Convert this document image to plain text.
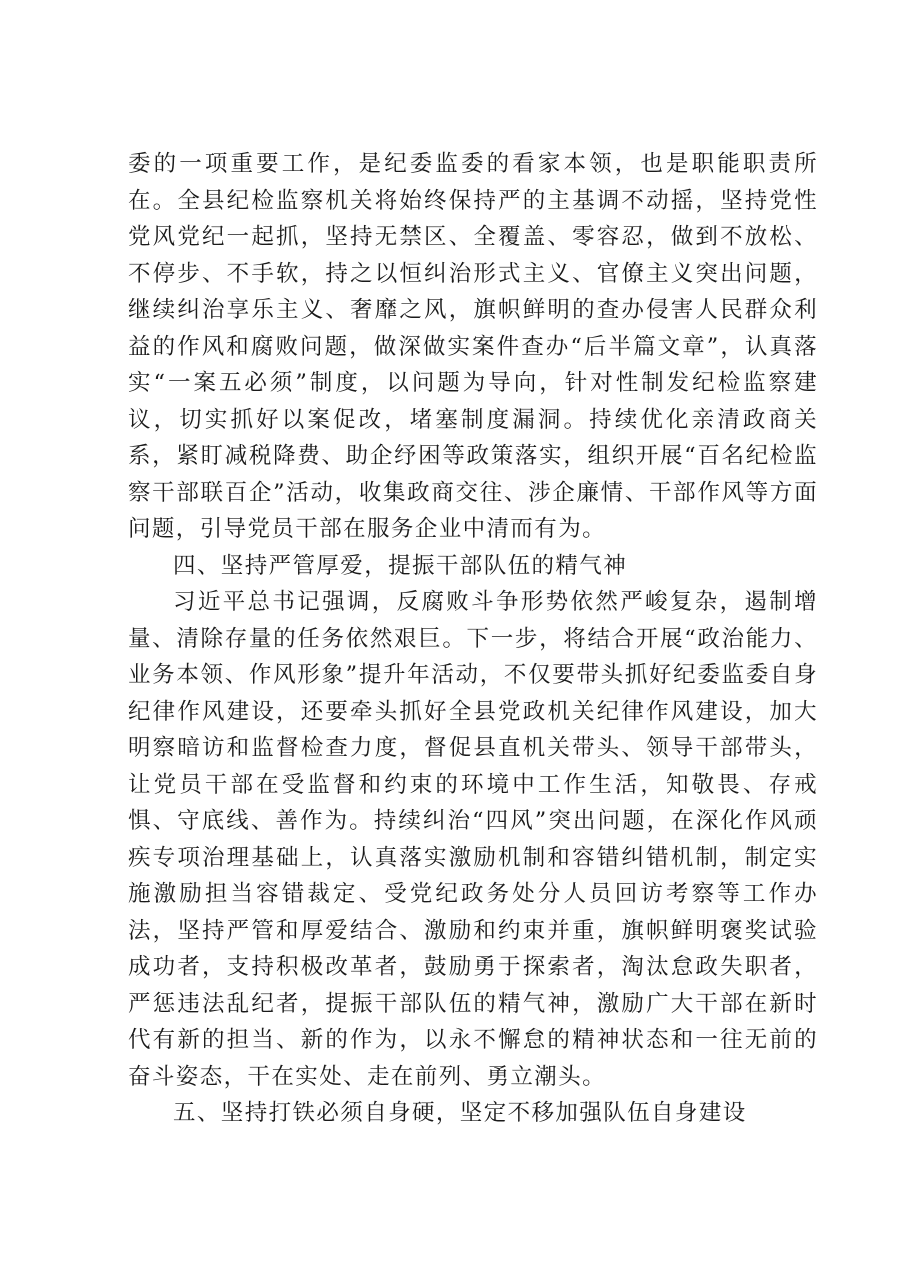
委的一项重要工作，是纪委监委的看家本领，也是职能职责所在。全县纪检监察机关将始终保持严的主基调不动摇，坚持党性党风党纪一起抓，坚持无禁区、全覆盖、零容忍，做到不放松、不停步、不手软，持之以恒纠治形式主义、官僚主义突出问题，继续纠治享乐主义、奢靡之风，旗帜鲜明的查办侵害人民群众利益的作风和腐败问题，做深做实案件查办“后半篇文章”，认真落实“一案五必须”制度，以问题为导向，针对性制发纪检监察建议，切实抓好以案促改，堵塞制度漏洞。持续优化亲清政商关系，紧盯减税降费、助企纾困等政策落实，组织开展“百名纪检监察干部联百企”活动，收集政商交往、涉企廉情、干部作风等方面问题，引导党员干部在服务企业中清而有为。

四、坚持严管厚爱，提振干部队伍的精气神

习近平总书记强调，反腐败斗争形势依然严峻复杂，遏制增量、清除存量的任务依然艰巨。下一步，将结合开展“政治能力、业务本领、作风形象”提升年活动，不仅要带头抓好纪委监委自身纪律作风建设，还要牵头抓好全县党政机关纪律作风建设，加大明察暗访和监督检查力度，督促县直机关带头、领导干部带头，让党员干部在受监督和约束的环境中工作生活，知敬畏、存戒惧、守底线、善作为。持续纠治“四风”突出问题，在深化作风顽疾专项治理基础上，认真落实激励机制和容错纠错机制，制定实施激励担当容错裁定、受党纪政务处分人员回访考察等工作办法，坚持严管和厚爱结合、激励和约束并重，旗帜鲜明褒奖试验成功者，支持积极改革者，鼓励勇于探索者，淘汰怠政失职者，严惩违法乱纪者，提振干部队伍的精气神，激励广大干部在新时代有新的担当、新的作为，以永不懈怠的精神状态和一往无前的奋斗姿态，干在实处、走在前列、勇立潮头。

五、坚持打铁必须自身硬，坚定不移加强队伍自身建设
